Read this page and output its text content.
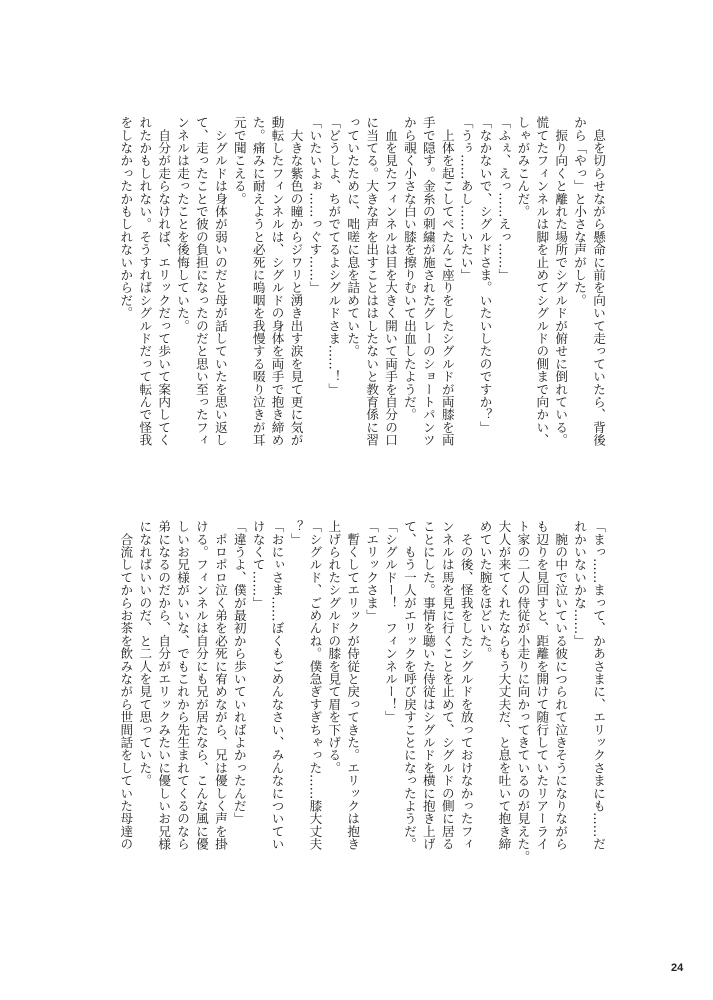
　息を切らせながら懸命に前を向いて走っていたら、背後
から「やっ」と小さな声がした。
　振り向くと離れた場所でシグルドが俯せに倒れている。
慌てたフィンネルは脚を止めてシグルドの側まで向かい、
しゃがみこんだ。
「ふぇ、えっ……えっ……」
「なかないで、シグルドさま。いたいしたのですか？」
「うぅ……あし……いたい」
　上体を起こしてぺたんこ座りをしたシグルドが両膝を両
手で隠す。金糸の刺繍が施されたグレーのショートパンツ
から覗く小さな白い膝を擦りむいて出血したようだ。
　血を見たフィンネルは目を大きく開いて両手を自分の口
に当てる。大きな声を出すことははしたないと教育係に習
っていたために、咄嗟に息を詰めていた。
「どうしよ、ちがでてるよシグルドさま……！」
「いたいよぉ……っぐす……」
　大きな紫色の瞳からジワリと湧き出す涙を見て更に気が
動転したフィンネルは、シグルドの身体を両手で抱き締め
た。痛みに耐えようと必死に嗚咽を我慢する啜り泣きが耳
元で聞こえる。
　シグルドは身体が弱いのだと母が話していたを思い返し
て、走ったことで彼の負担になったのだと思い至ったフィ
ンネルは走ったことを後悔していた。
　自分が走らなければ、エリックだって歩いて案内してく
れたかもしれない。そうすればシグルドだって転んで怪我
をしなかったかもしれないからだ。
「まっ……まって、かあさまに、エリックさまにも……だ
れかいないかな……」
　腕の中で泣いている彼につられて泣きそうになりながら
も辺りを見回すと、距離を開けて随行していたリアーライ
ト家の二人の侍従が小走りに向かってきているのが見えた。
大人が来てくれたならもう大丈夫だ、と息を吐いて抱き締
めていた腕をほどいた。
　その後、怪我をしたシグルドを放っておけなかったフィ
ンネルは馬を見に行くことを止めて、シグルドの側に居る
ことにした。事情を聴いた侍従はシグルドを横に抱き上げ
て、もう一人がエリックを呼び戻すことになったようだ。
「シグルドー！　フィンネルー！」
「エリックさま」
　暫くしてエリックが侍従と戻ってきた。エリックは抱き
上げられたシグルドの膝を見て眉を下げる。
「シグルド、ごめんね。僕急ぎすぎちゃった……膝大丈夫
？」
「おにぃさま……ぼくもごめんなさい、みんなについてい
けなくて……」
「違うよ、僕が最初から歩いていればよかったんだ」
　ポロポロ泣く弟を必死に宥めながら、兄は優しく声を掛
ける。フィンネルは自分にも兄が居たなら、こんな風に優
しいお兄様がいいな、でもこれから先生まれてくるのなら
弟になるのだから、自分がエリックみたいに優しいお兄様
になればいいのだ、と二人を見て思っていた。
　合流してからお茶を飲みながら世間話をしていた母達の
24
